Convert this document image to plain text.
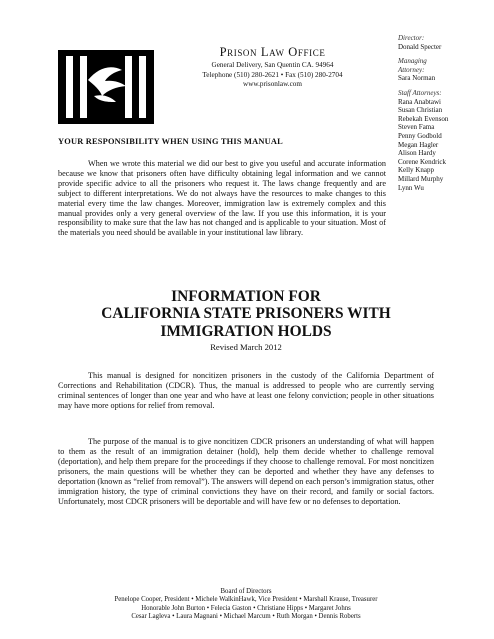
Prison Law Office
General Delivery, San Quentin CA. 94964
Telephone (510) 280-2621 • Fax (510) 280-2704
www.prisonlaw.com
Director:
Donald Specter
Managing
Attorney:
Sara Norman
Staff Attorneys:
Rana Anabtawi
Susan Christian
Rebekah Evenson
Steven Fama
Penny Godbold
Megan Hagler
Alison Hardy
Corene Kendrick
Kelly Knapp
Millard Murphy
Lynn Wu
YOUR RESPONSIBILITY WHEN USING THIS MANUAL
When we wrote this material we did our best to give you useful and accurate information because we know that prisoners often have difficulty obtaining legal information and we cannot provide specific advice to all the prisoners who request it. The laws change frequently and are subject to different interpretations. We do not always have the resources to make changes to this material every time the law changes. Moreover, immigration law is extremely complex and this manual provides only a very general overview of the law. If you use this information, it is your responsibility to make sure that the law has not changed and is applicable to your situation. Most of the materials you need should be available in your institutional law library.
INFORMATION FOR
CALIFORNIA STATE PRISONERS WITH
IMMIGRATION HOLDS
Revised March 2012
This manual is designed for noncitizen prisoners in the custody of the California Department of Corrections and Rehabilitation (CDCR). Thus, the manual is addressed to people who are currently serving criminal sentences of longer than one year and who have at least one felony conviction; people in other situations may have more options for relief from removal.
The purpose of the manual is to give noncitizen CDCR prisoners an understanding of what will happen to them as the result of an immigration detainer (hold), help them decide whether to challenge removal (deportation), and help them prepare for the proceedings if they choose to challenge removal. For most noncitizen prisoners, the main questions will be whether they can be deported and whether they have any defenses to deportation (known as “relief from removal”). The answers will depend on each person’s immigration status, other immigration history, the type of criminal convictions they have on their record, and family or social factors. Unfortunately, most CDCR prisoners will be deportable and will have few or no defenses to deportation.
Board of Directors
Penelope Cooper, President • Michele WalkinHawk, Vice President • Marshall Krause, Treasurer
Honorable John Burton • Felecia Gaston • Christiane Hipps • Margaret Johns
Cesar Lagleva • Laura Magnani • Michael Marcum • Ruth Morgan • Dennis Roberts
